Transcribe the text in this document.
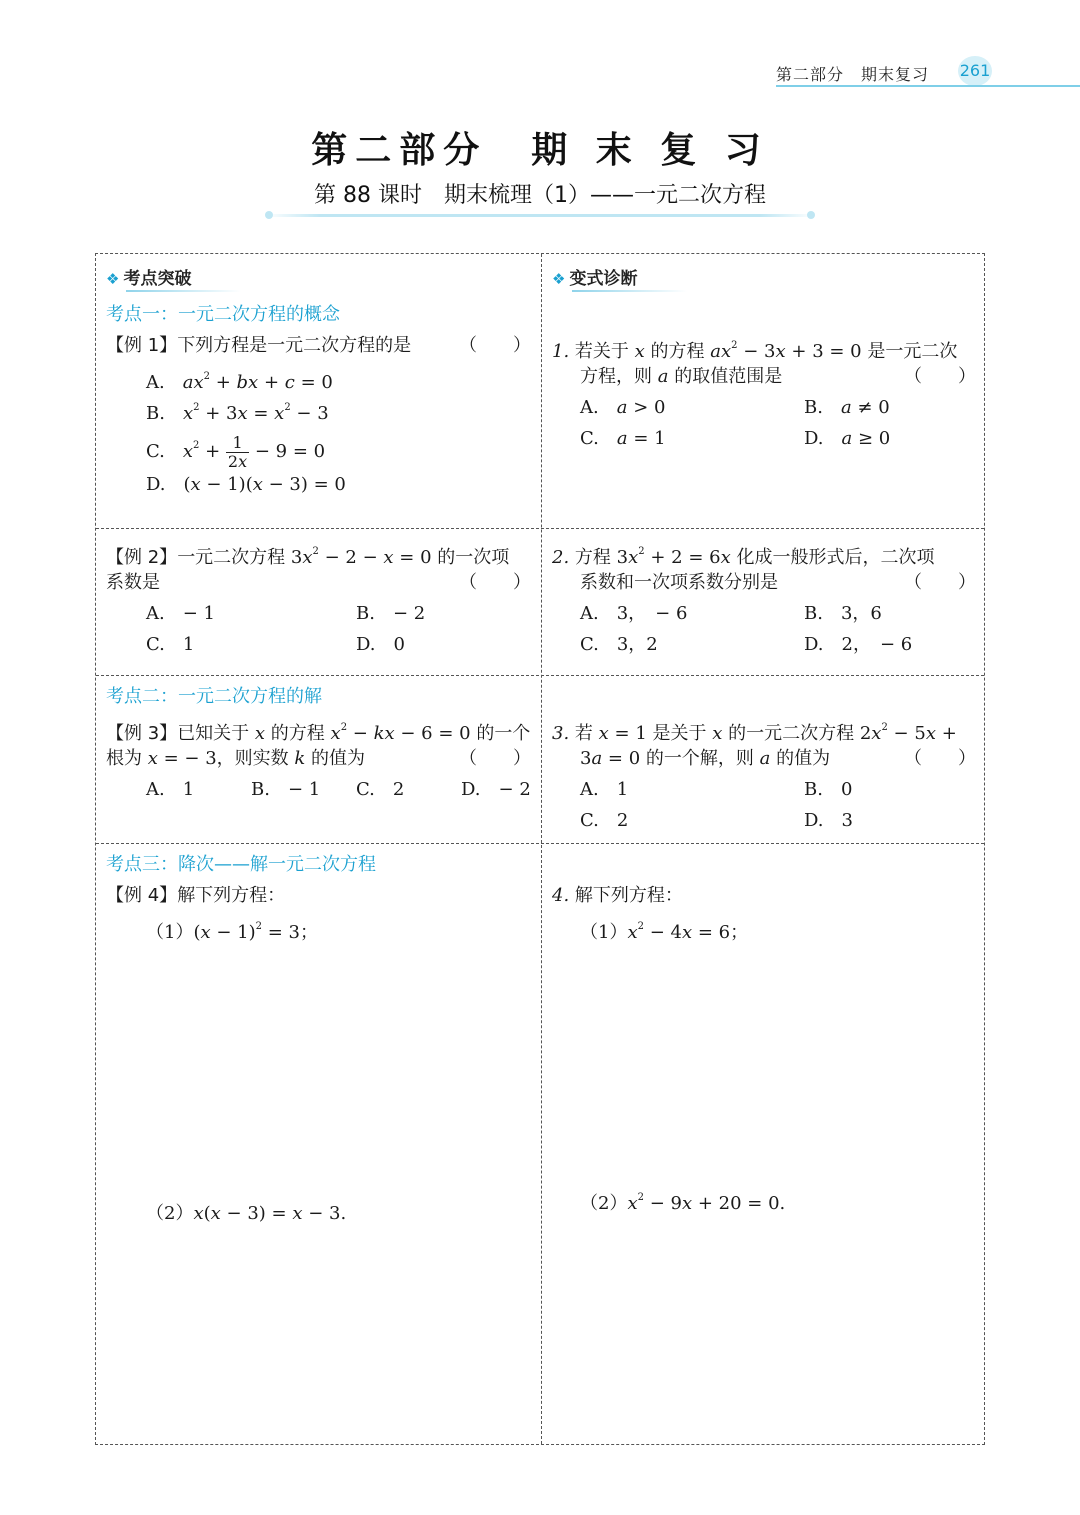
第二部分　期末复习 261
第二部分　期 末 复 习
第 88 课时　期末梳理（1）——一元二次方程
❖ 考点突破
考点一：一元二次方程的概念
【例 1】下列方程是一元二次方程的是	（　　）
A.　 $ax^2$ + bx + c = 0
B.　 $x^2 + 3x = x^2 - 3$
C.　 $x^2 + \frac{1}{2x} - 9 = 0$
D.　(x − 1)(x − 3) = 0
❖ 变式诊断
1. 若关于 x 的方程 $ax^2 - 3x + 3 = 0$ 是一元二次
方程，则 a 的取值范围是	（　　）
A.　 a > 0	B.　 a ≠ 0
C.　 a = 1	D.　 a ≥ 0
【例 2】一元二次方程 $3x^2 - 2 - x = 0$ 的一次项
系数是	（　　）
A.　− 1	B.　− 2
C.　1	D.　0
2. 方程 $3x^2 + 2 = 6x$ 化成一般形式后，二次项
系数和一次项系数分别是	（　　）
A.　3，　− 6	B.　3，6
C.　3，2	D.　2，　− 6
考点二：一元二次方程的解
【例 3】已知关于 x 的方程 $x^2$ − kx − 6 = 0 的一个
根为 x = − 3，则实数 k 的值为	（　　）
A.　1	B.　− 1	C.　2	D.　− 2
3. 若 x = 1 是关于 x 的一元二次方程 $2x^2 - 5x$ +
3a = 0 的一个解，则 a 的值为	（　　）
A.　1	B.　0
C.　2	D.　3
考点三：降次——解一元二次方程
【例 4】解下列方程：
$(1)(x - 1)^2 = 3$；
（2）x(x − 3) = x − 3.
4. 解下列方程：
$(1)x^2 - 4x = 6$；
$(2)x^2 - 9x + 20 = 0$.
